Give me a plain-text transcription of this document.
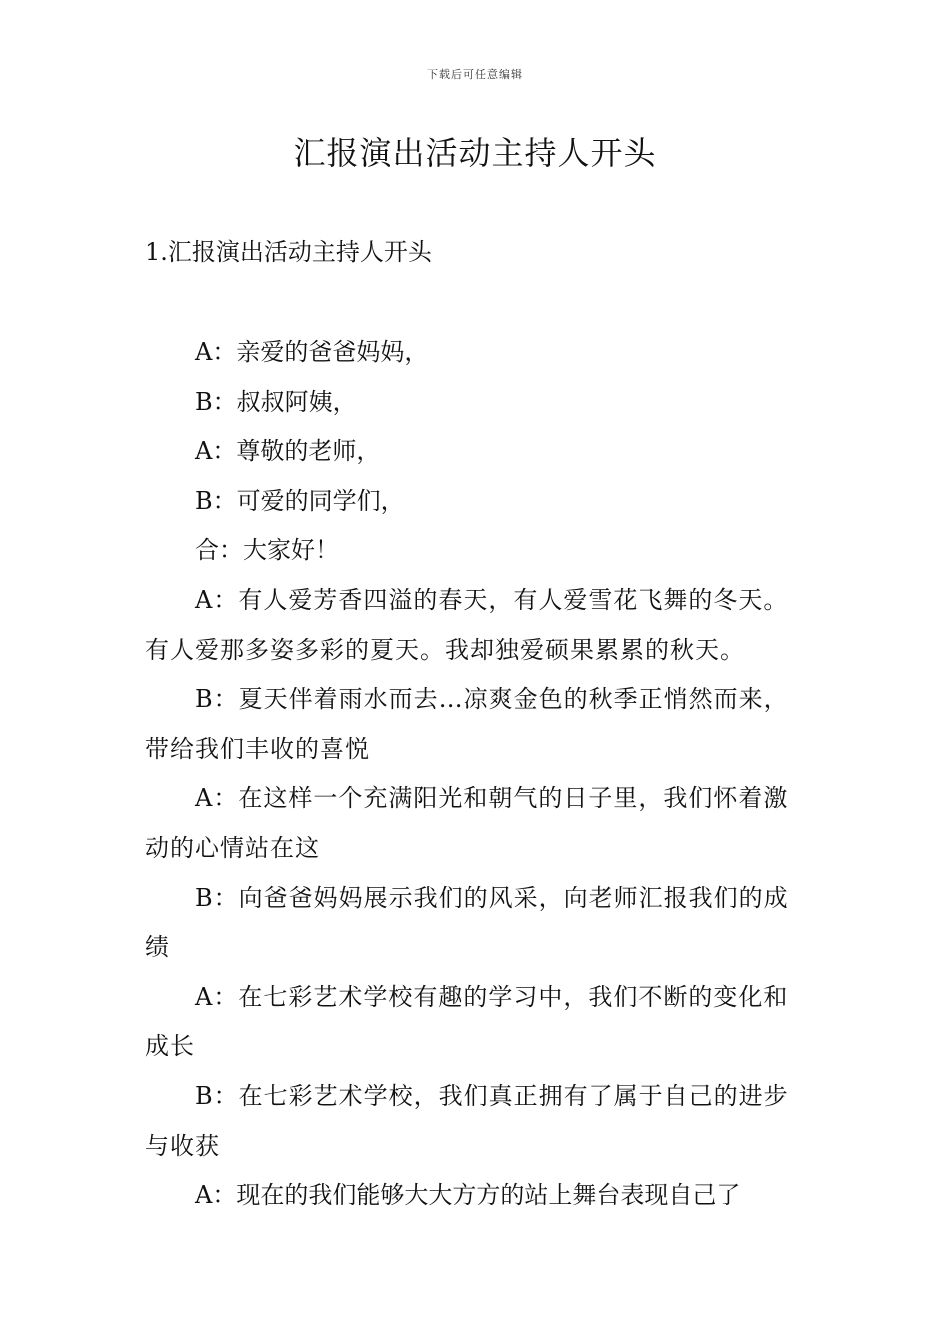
下载后可任意编辑
汇报演出活动主持人开头

1.汇报演出活动主持人开头

A：亲爱的爸爸妈妈，

B：叔叔阿姨，

A：尊敬的老师，

B：可爱的同学们，

合：大家好！

A：有人爱芳香四溢的春天，有人爱雪花飞舞的冬天。有人爱那多姿多彩的夏天。我却独爱硕果累累的秋天。

B：夏天伴着雨水而去…凉爽金色的秋季正悄然而来，带给我们丰收的喜悦

A：在这样一个充满阳光和朝气的日子里，我们怀着激动的心情站在这

B：向爸爸妈妈展示我们的风采，向老师汇报我们的成绩

A：在七彩艺术学校有趣的学习中，我们不断的变化和成长

B：在七彩艺术学校，我们真正拥有了属于自己的进步与收获

A：现在的我们能够大大方方的站上舞台表现自己了
